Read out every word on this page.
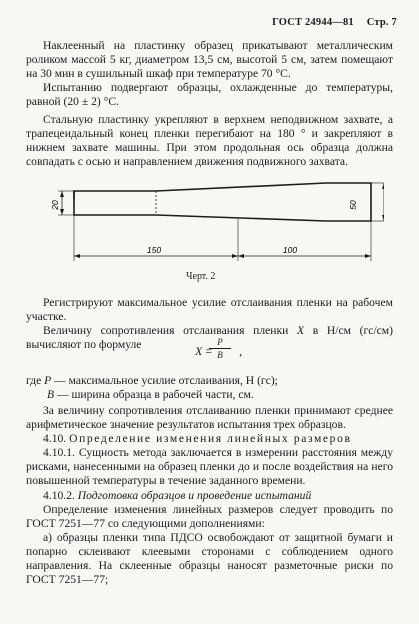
ГОСТ 24944—81 Стр. 7

Наклеенный на пластинку образец прикатывают металлическим роликом массой 5 кг, диаметром 13,5 см, высотой 5 см, затем помещают на 30 мин в сушильный шкаф при температуре 70 °С.

Испытанию подвергают образцы, охлажденные до температуры, равной (20 ± 2) °С.

Стальную пластинку укрепляют в верхнем неподвижном захвате, а трапецеидальный конец пленки перегибают на 180 ° и закрепляют в нижнем захвате машины. При этом продольная ось образца должна совпадать с осью и направлением движения подвижного захвата.

20	50
150	100
Черт. 2

Регистрируют максимальное усилие отслаивания пленки на рабочем участке.

Величину сопротивления отслаивания пленки X в Н/см (гс/см) вычисляют по формуле	X = ,
P
B

где P — максимальное усилие отслаивания, Н (гс);

B — ширина образца в рабочей части, см.

За величину сопротивления отслаиванию пленки принимают среднее арифметическое значение результатов испытания трех образцов.

4.10. Определение изменения линейных размеров

4.10.1. Сущность метода заключается в измерении расстояния между рисками, нанесенными на образец пленки до и после воздействия на него повышенной температуры в течение заданного времени.

4.10.2. Подготовка образцов и проведение испытаний

Определение изменения линейных размеров следует проводить по ГОСТ 7251—77 со следующими дополнениями:

а) образцы пленки типа ПДСО освобождают от защитной бумаги и попарно склеивают клеевыми сторонами с соблюдением одного направления. На склеенные образцы наносят разметочные риски по ГОСТ 7251—77;
